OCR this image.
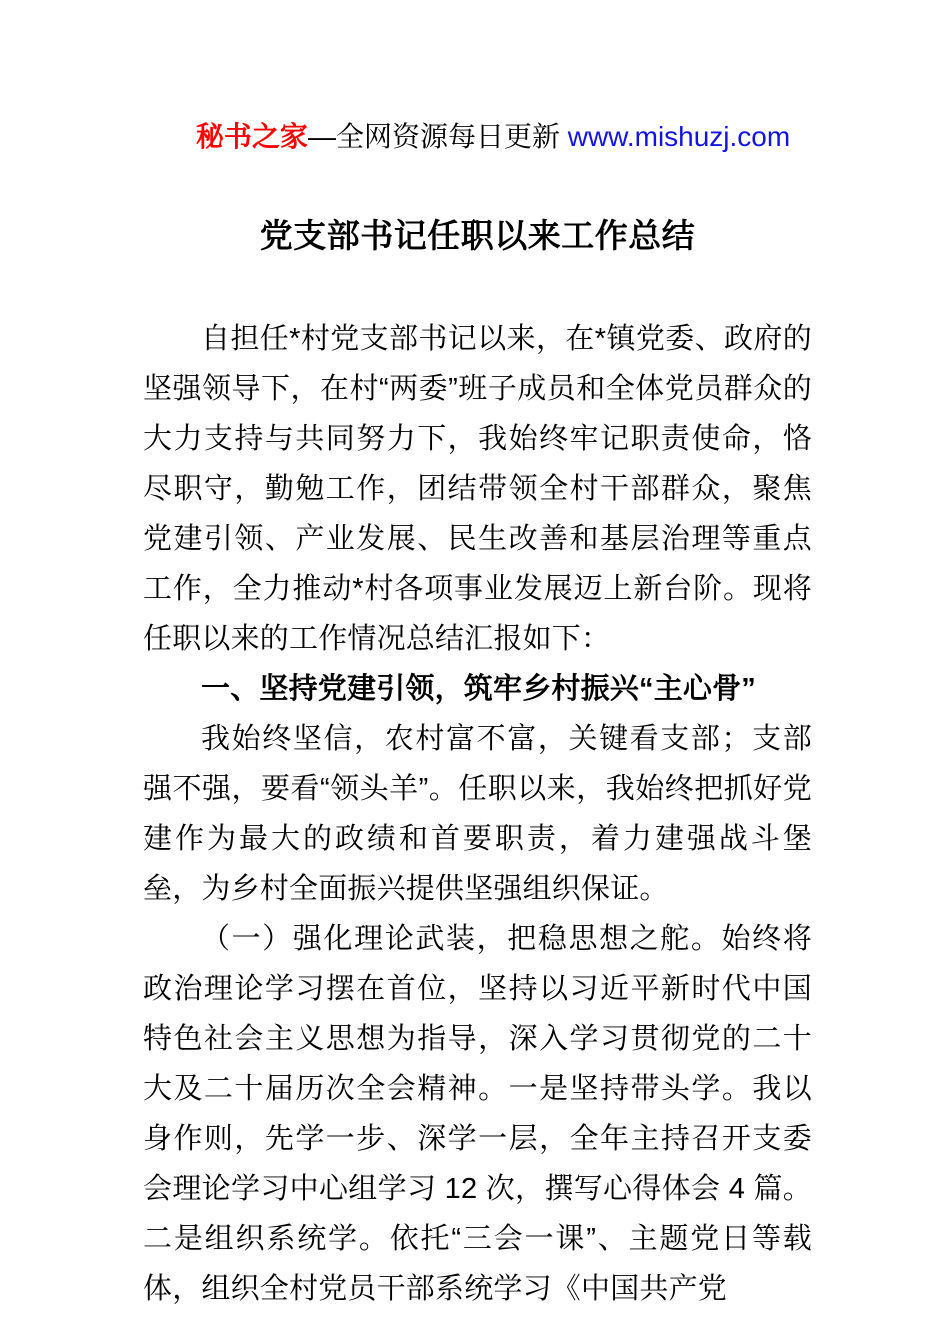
秘书之家—全网资源每日更新 www.mishuzj.com

党支部书记任职以来工作总结

自担任*村党支部书记以来，在*镇党委、政府的坚强领导下，在村“两委”班子成员和全体党员群众的大力支持与共同努力下，我始终牢记职责使命，恪尽职守，勤勉工作，团结带领全村干部群众，聚焦党建引领、产业发展、民生改善和基层治理等重点工作，全力推动*村各项事业发展迈上新台阶。现将任职以来的工作情况总结汇报如下：

一、坚持党建引领，筑牢乡村振兴“主心骨”

我始终坚信，农村富不富，关键看支部；支部强不强，要看“领头羊”。任职以来，我始终把抓好党建作为最大的政绩和首要职责，着力建强战斗堡垒，为乡村全面振兴提供坚强组织保证。

（一）强化理论武装，把稳思想之舵。始终将政治理论学习摆在首位，坚持以习近平新时代中国特色社会主义思想为指导，深入学习贯彻党的二十大及二十届历次全会精神。一是坚持带头学。我以身作则，先学一步、深学一层，全年主持召开支委会理论学习中心组学习 12 次，撰写心得体会 4 篇。二是组织系统学。依托“三会一课”、主题党日等载体，组织全村党员干部系统学习《中国共产党
